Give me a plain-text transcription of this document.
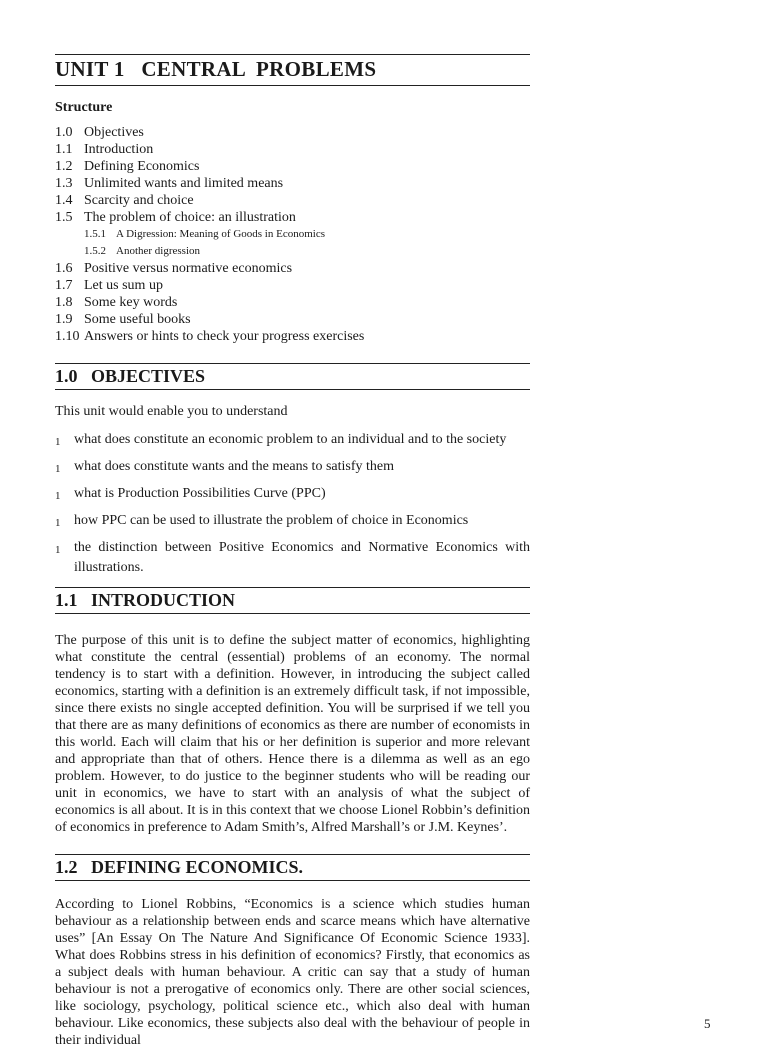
UNIT 1   CENTRAL  PROBLEMS
Structure
1.0 Objectives
1.1 Introduction
1.2 Defining Economics
1.3 Unlimited wants and limited means
1.4 Scarcity and choice
1.5 The problem of choice: an illustration
1.5.1 A Digression: Meaning of Goods in Economics
1.5.2 Another digression
1.6 Positive versus normative economics
1.7 Let us sum up
1.8 Some key words
1.9 Some useful books
1.10 Answers or hints to check your progress exercises
1.0   OBJECTIVES
This unit would enable you to understand
1 what does constitute an economic problem to an individual and to the society
1 what does constitute wants and the means to satisfy them
1 what is Production Possibilities Curve (PPC)
1 how PPC can be used to illustrate the problem of choice in Economics
1 the distinction between Positive Economics and Normative Economics with illustrations.
1.1   INTRODUCTION
The purpose of this unit is to define the subject matter of economics, highlighting what constitute the central (essential) problems of an economy. The normal tendency is to start with a definition. However, in introducing the subject called economics, starting with a definition is an extremely difficult task, if not impossible, since there exists no single accepted definition. You will be surprised if we tell you that there are as many definitions of economics as there are number of economists in this world. Each will claim that his or her definition is superior and more relevant and appropriate than that of others. Hence there is a dilemma as well as an ego problem. However, to do justice to the beginner students who will be reading our unit in economics, we have to start with an analysis of what the subject of economics is all about. It is in this context that we choose Lionel Robbin’s definition of economics in preference to Adam Smith’s, Alfred Marshall’s or J.M. Keynes’.
1.2   DEFINING ECONOMICS.
According to Lionel Robbins, “Economics is a science which studies human behaviour as a relationship between ends and scarce means which have alternative uses” [An Essay On The Nature And Significance Of Economic Science 1933]. What does Robbins stress in his definition of economics? Firstly, that economics as a subject deals with human behaviour. A critic can say that a study of human behaviour is not a prerogative of economics only. There are other social sciences, like sociology, psychology, political science etc., which also deal with human behaviour. Like economics, these subjects also deal with the behaviour of people in their individual
5
